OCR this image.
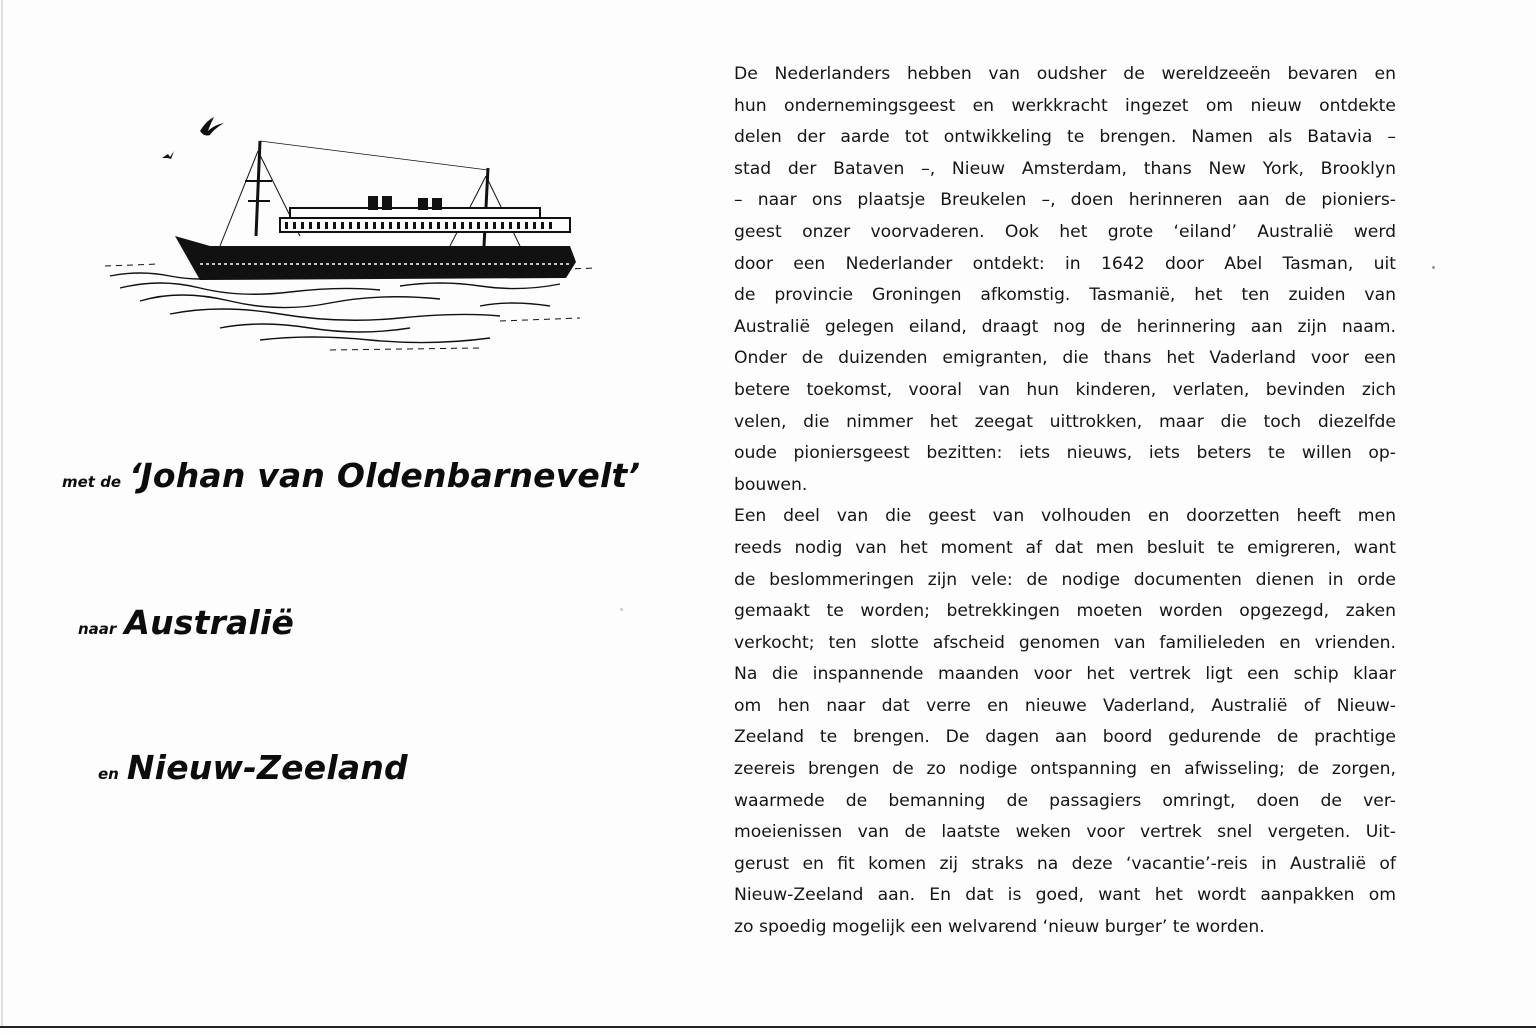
met de ‘Johan van Oldenbarnevelt’
naar Australië
en Nieuw-Zeeland
De Nederlanders hebben van oudsher de wereldzeeën bevaren en
hun ondernemingsgeest en werkkracht ingezet om nieuw ontdekte
delen der aarde tot ontwikkeling te brengen. Namen als Batavia –
stad der Bataven –, Nieuw Amsterdam, thans New York, Brooklyn
– naar ons plaatsje Breukelen –, doen herinneren aan de pioniers-
geest onzer voorvaderen. Ook het grote ‘eiland’ Australië werd
door een Nederlander ontdekt: in 1642 door Abel Tasman, uit
de provincie Groningen afkomstig. Tasmanië, het ten zuiden van
Australië gelegen eiland, draagt nog de herinnering aan zijn naam.
Onder de duizenden emigranten, die thans het Vaderland voor een
betere toekomst, vooral van hun kinderen, verlaten, bevinden zich
velen, die nimmer het zeegat uittrokken, maar die toch diezelfde
oude pioniersgeest bezitten: iets nieuws, iets beters te willen op-
bouwen.
Een deel van die geest van volhouden en doorzetten heeft men
reeds nodig van het moment af dat men besluit te emigreren, want
de beslommeringen zijn vele: de nodige documenten dienen in orde
gemaakt te worden; betrekkingen moeten worden opgezegd, zaken
verkocht; ten slotte afscheid genomen van familieleden en vrienden.
Na die inspannende maanden voor het vertrek ligt een schip klaar
om hen naar dat verre en nieuwe Vaderland, Australië of Nieuw-
Zeeland te brengen. De dagen aan boord gedurende de prachtige
zeereis brengen de zo nodige ontspanning en afwisseling; de zorgen,
waarmede de bemanning de passagiers omringt, doen de ver-
moeienissen van de laatste weken voor vertrek snel vergeten. Uit-
gerust en fit komen zij straks na deze ‘vacantie’-reis in Australië of
Nieuw-Zeeland aan. En dat is goed, want het wordt aanpakken om
zo spoedig mogelijk een welvarend ‘nieuw burger’ te worden.
